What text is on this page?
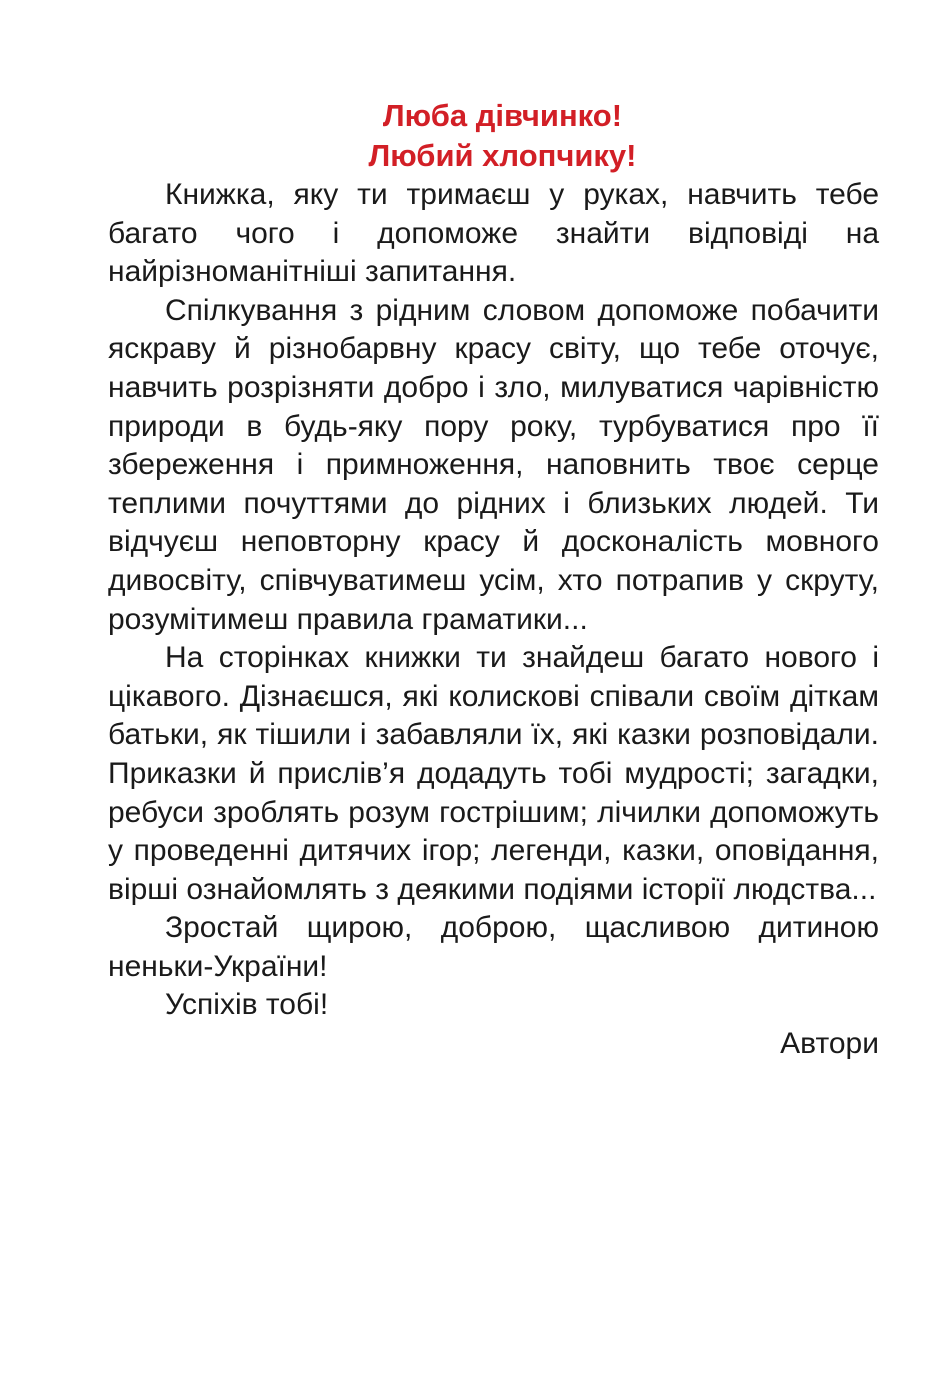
Люба дівчинко!

Любий хлопчику!

Книжка, яку ти тримаєш у руках, навчить тебе багато чого і допоможе знайти відповіді на найрізноманітніші запитання.

Спілкування з рідним словом допоможе побачити яскраву й різнобарвну красу світу, що тебе оточує, навчить розрізняти добро і зло, милуватися чарівністю природи в будь-яку пору року, турбуватися про її збереження і примноження, наповнить твоє серце теплими почуттями до рідних і близьких людей. Ти відчуєш неповторну красу й досконалість мовного дивосвіту, співчуватимеш усім, хто потрапив у скруту, розумітимеш правила граматики...

На сторінках книжки ти знайдеш багато нового і цікавого. Дізнаєшся, які колискові співали своїм діткам батьки, як тішили і забавляли їх, які казки розповідали. Приказки й прислів’я додадуть тобі мудрості; загадки, ребуси зроблять розум гострішим; лічилки допоможуть у проведенні дитячих ігор; легенди, казки, оповідання, вірші ознайомлять з деякими подіями історії людства...

Зростай щирою, доброю, щасливою дитиною неньки-України!

Успіхів тобі!

Автори
